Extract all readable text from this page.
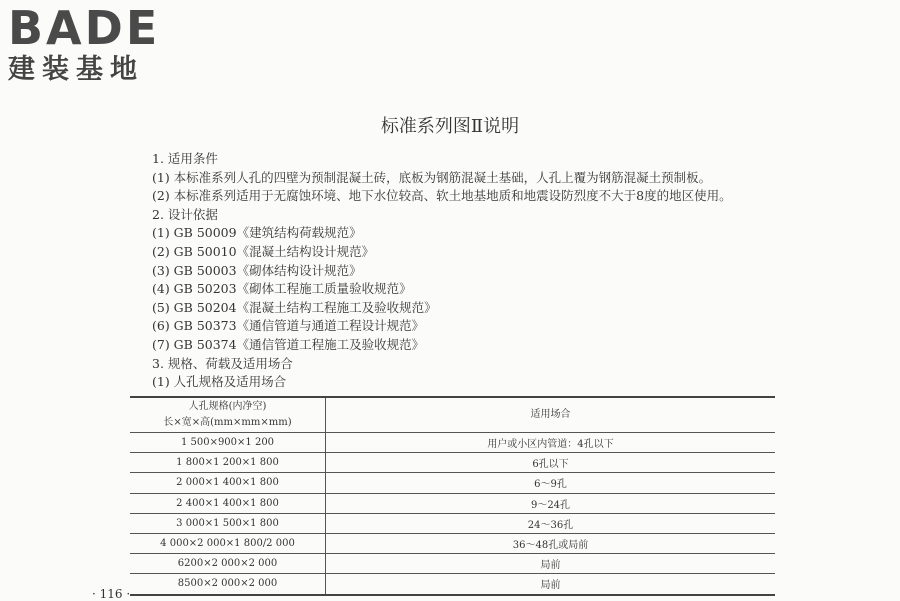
BADE
建装基地
标准系列图Ⅱ说明
1. 适用条件
(1) 本标准系列人孔的四壁为预制混凝土砖，底板为钢筋混凝土基础，人孔上覆为钢筋混凝土预制板。
(2) 本标准系列适用于无腐蚀环境、地下水位较高、软土地基地质和地震设防烈度不大于8度的地区使用。
2. 设计依据
(1) GB 50009《建筑结构荷载规范》
(2) GB 50010《混凝土结构设计规范》
(3) GB 50003《砌体结构设计规范》
(4) GB 50203《砌体工程施工质量验收规范》
(5) GB 50204《混凝土结构工程施工及验收规范》
(6) GB 50373《通信管道与通道工程设计规范》
(7) GB 50374《通信管道工程施工及验收规范》
3. 规格、荷载及适用场合
(1) 人孔规格及适用场合
人孔规格(内净空)
长×宽×高(mm×mm×mm)	适用场合
1 500×900×1 200	用户或小区内管道：4孔以下
1 800×1 200×1 800	6孔以下
2 000×1 400×1 800	6～9孔
2 400×1 400×1 800	9～24孔
3 000×1 500×1 800	24～36孔
4 000×2 000×1 800/2 000	36～48孔或局前
6200×2 000×2 000	局前
8500×2 000×2 000	局前
· 116 ·
